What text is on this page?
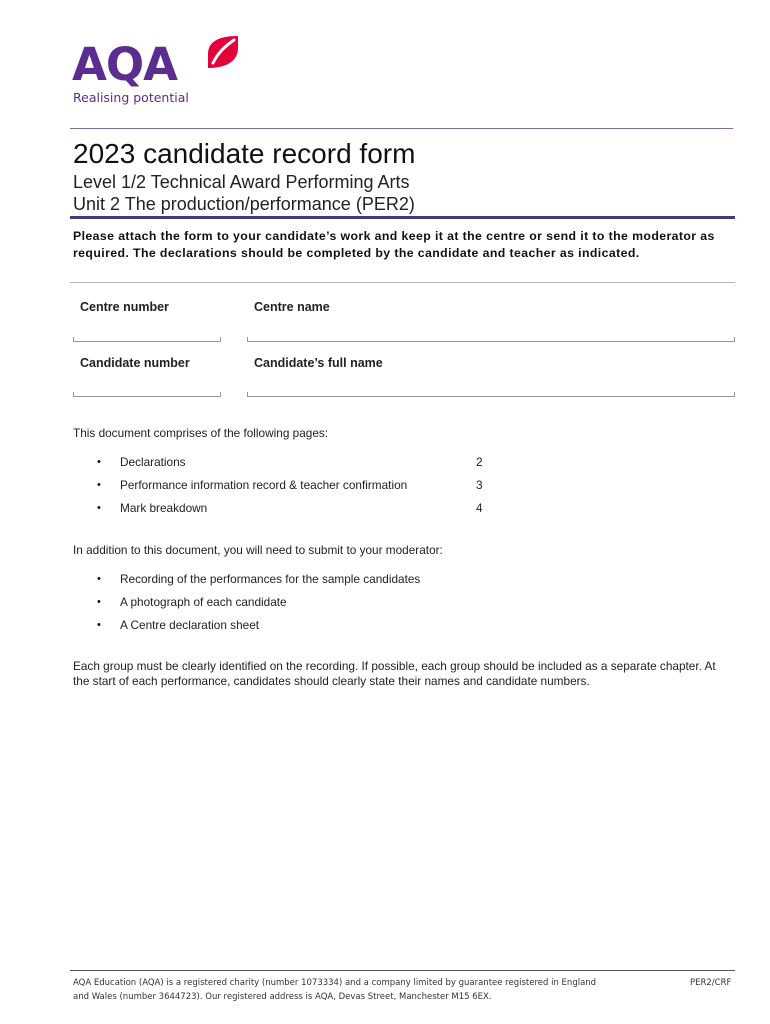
AQA
Realising potential
2023 candidate record form
Level 1/2 Technical Award Performing Arts
Unit 2 The production/performance (PER2)
Please attach the form to your candidate’s work and keep it at the centre or send it to the moderator as required. The declarations should be completed by the candidate and teacher as indicated.
Centre number	Centre name
Candidate number	Candidate’s full name
This document comprises of the following pages:
• Declarations	2
• Performance information record & teacher confirmation	3
• Mark breakdown	4
In addition to this document, you will need to submit to your moderator:
• Recording of the performances for the sample candidates
• A photograph of each candidate
• A Centre declaration sheet
Each group must be clearly identified on the recording. If possible, each group should be included as a separate chapter. At the start of each performance, candidates should clearly state their names and candidate numbers.
AQA Education (AQA) is a registered charity (number 1073334) and a company limited by guarantee registered in England
and Wales (number 3644723). Our registered address is AQA, Devas Street, Manchester M15 6EX.
PER2/CRF
